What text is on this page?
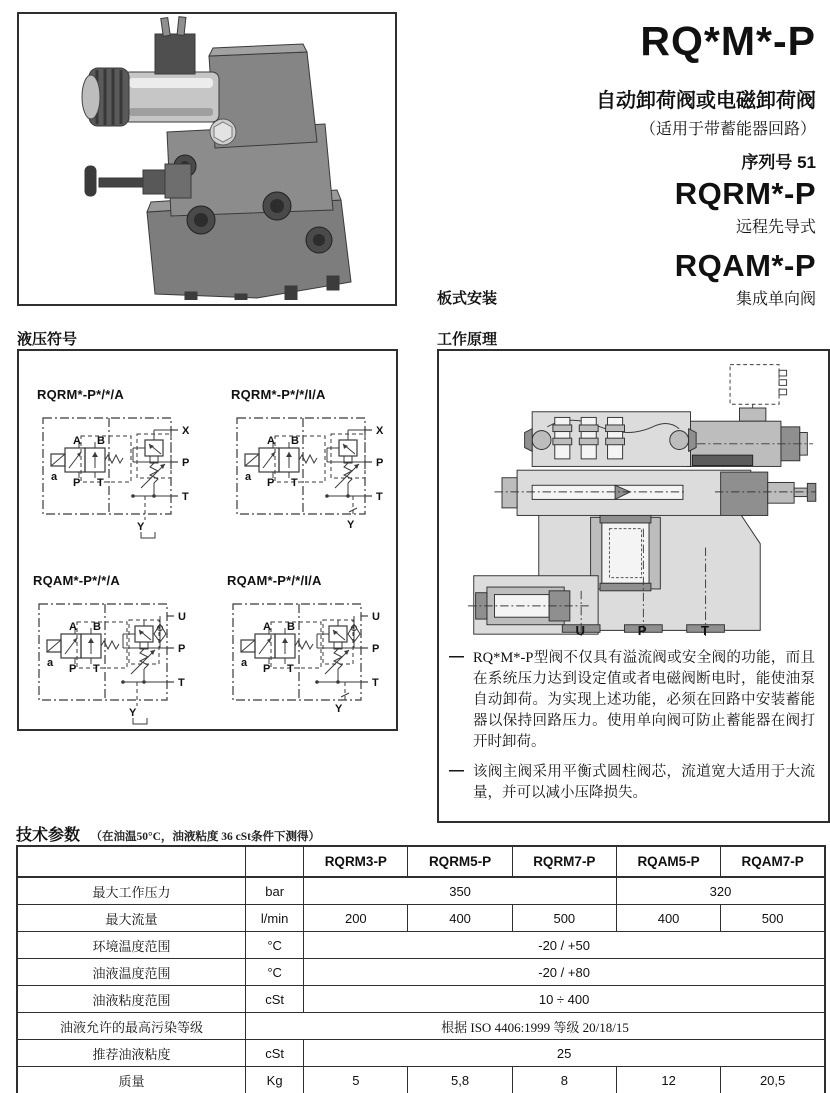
RQ*M*-P
自动卸荷阀或电磁卸荷阀
（适用于带蓄能器回路）
序列号 51
RQRM*-P
远程先导式
RQAM*-P
集成单向阀
板式安装
液压符号
RQRM*-P*/*/A
X
P
T
a
A B
P T
Y
RQRM*-P*/*/I/A
X
P
T
a
A B
P T
Y
RQAM*-P*/*/A
U
P
T
a
A B
P T
Y
RQAM*-P*/*/I/A
U
P
T
a
A B
P T
Y
工作原理
U	P	T
— RQ*M*-P型阀不仅具有溢流阀或安全阀的功能，而且在系统压力达到设定值或者电磁阀断电时，能使油泵自动卸荷。为实现上述功能，必须在回路中安装蓄能器以保持回路压力。使用单向阀可防止蓄能器在阀打开时卸荷。
— 该阀主阀采用平衡式圆柱阀芯，流道宽大适用于大流量，并可以减小压降损失。
技术参数 （在油温50°C，油液粘度 36 cSt条件下测得）
		RQRM3-P	RQRM5-P	RQRM7-P	RQAM5-P	RQAM7-P
最大工作压力	bar	350			320	
最大流量	l/min	200	400	500	400	500
环境温度范围	°C	-20 / +50				
油液温度范围	°C	-20 / +80				
油液粘度范围	cSt	10 ÷ 400				
油液允许的最高污染等级	根据 ISO 4406:1999 等级 20/18/15					
推荐油液粘度	cSt	25				
质量	Kg	5	5,8	8	12	20,5
